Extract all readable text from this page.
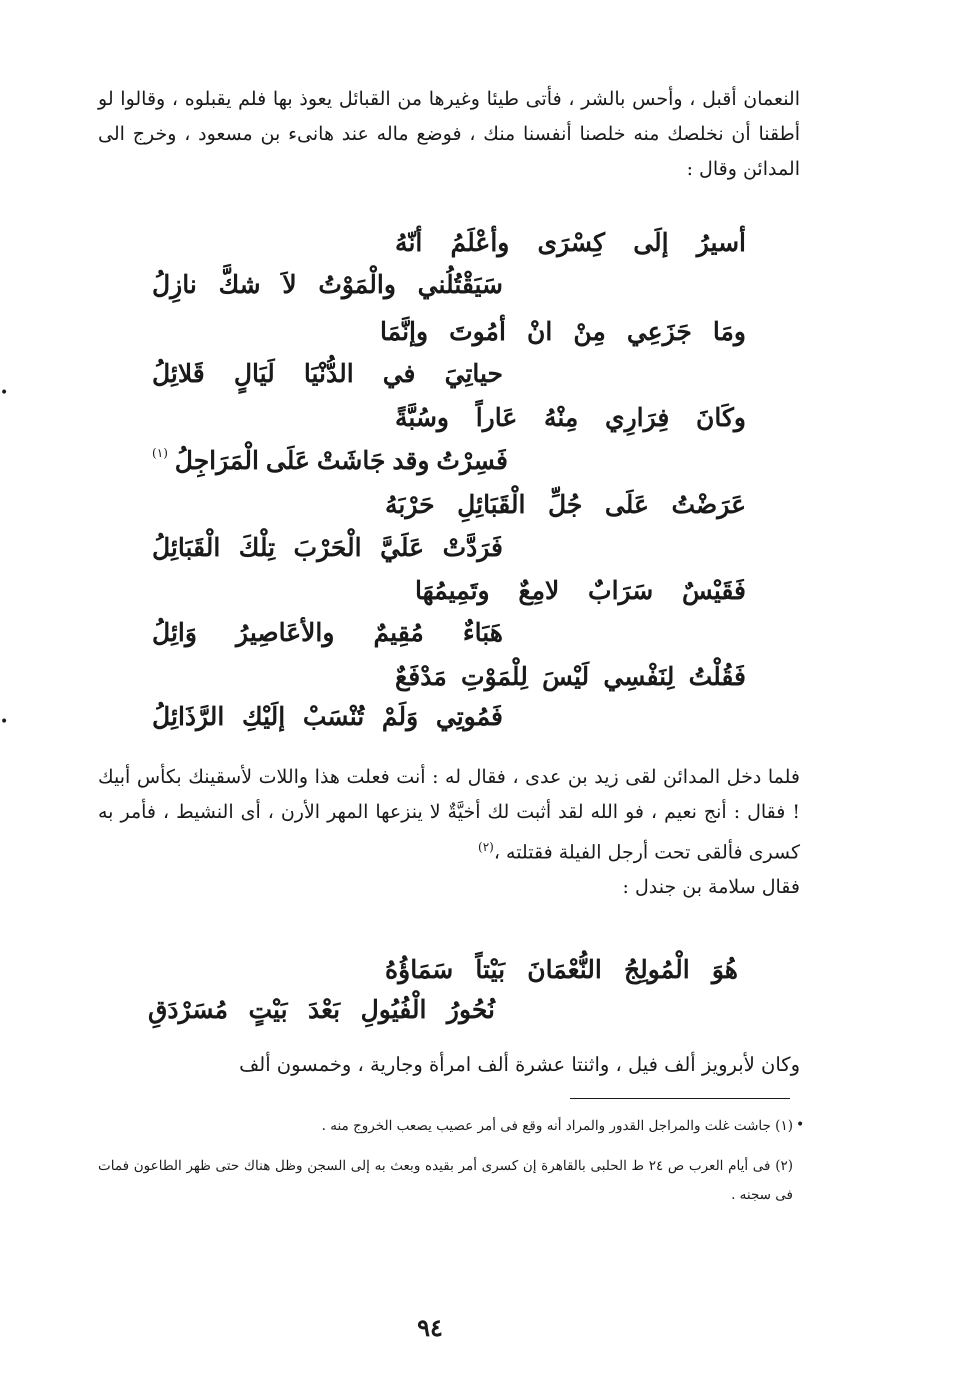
النعمان أقبل ، وأحس بالشر ، فأتى طيئا وغيرها من القبائل يعوذ بها فلم يقبلوه ، وقالوا لو أطقنا أن نخلصك منه خلصنا أنفسنا منك ، فوضع ماله عند هانىء بن مسعود ، وخرج الى المدائن وقال :

أسيرُ
إلَى
كِسْرَى
وأعْلَمُ
أنّهُ
سَيَقْتُلُني
والْمَوْتُ
لاَ
شكَّ
نازِلُ
ومَا
جَزَعِي
مِنْ
انْ
أمُوتَ
وإنَّمَا
حياتِيَ
في
الدُّنْيَا
لَيَالٍ
قَلائِلُ
وكَانَ
فِرَارِي
مِنْهُ
عَاراً
وسُبَّةً
فَسِرْتُ
وقد
جَاشَتْ
عَلَى
الْمَرَاجِلُ
(١)
عَرَضْتُ
عَلَى
جُلِّ
الْقَبَائِلِ
حَرْبَهُ
فَرَدَّتْ
عَلَيَّ
الْحَرْبَ
تِلْكَ
الْقَبَائِلُ
فَقَيْسٌ
سَرَابٌ
لامِعٌ
وتَمِيمُهَا
هَبَاءٌ
مُقِيمٌ
والأعَاصِيرُ
وَائِلُ
فَقُلْتُ
لِنَفْسِي
لَيْسَ
لِلْمَوْتِ
مَدْفَعٌ
فَمُوتِي
وَلَمْ
تُنْسَبْ
إلَيْكِ
الرَّذَائِلُ

فلما دخل المدائن لقى زيد بن عدى ، فقال له : أنت فعلت هذا واللات لأسقينك بكأس أبيك ! فقال : أنج نعيم ، فو الله لقد أثبت لك أخيَّةٌ لا ينزعها المهر الأرن ، أى النشيط ، فأمر به كسرى فألقى تحت أرجل الفيلة فقتلته ،$^{(٢)}$
فقال سلامة بن جندل :

هُوَ
الْمُولِجُ
النُّعْمَانَ
بَيْتاً
سَمَاؤُهُ
نُحُورُ
الْفُيُولِ
بَعْدَ
بَيْتٍ
مُسَرْدَقِ

وكان لأبرويز ألف فيل ، واثنتا عشرة ألف امرأة وجارية ، وخمسون ألف

•

(١) جاشت غلت والمراجل القدور والمراد أنه وقع فى أمر عصيب يصعب الخروج منه .

(٢) فى أيام العرب ص ٢٤ ط الحلبى بالقاهرة إن كسرى أمر بقيده وبعث به إلى السجن وظل هناك حتى ظهر الطاعون فمات فى سجنه .

•
•
٩٤
